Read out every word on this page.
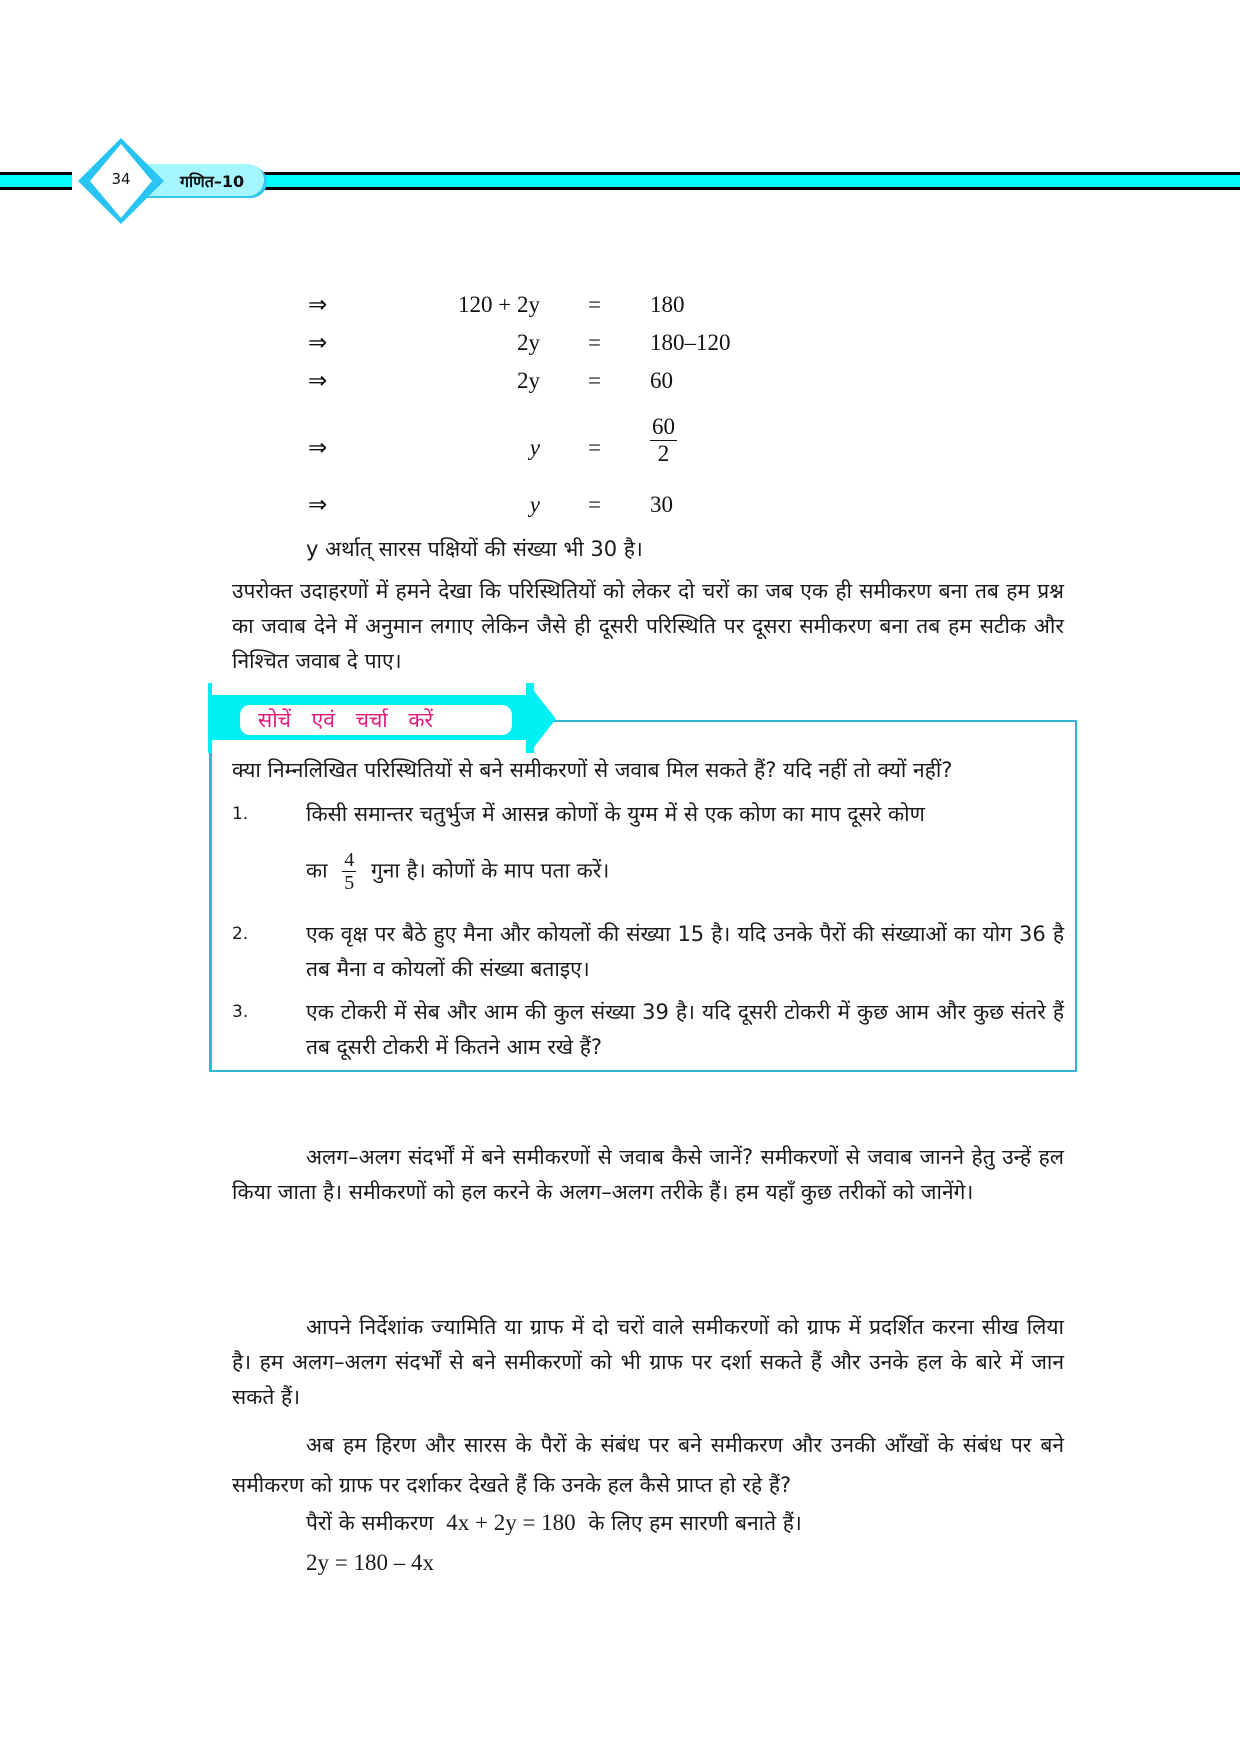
34	गणित–10
⇒	120 + 2y = 180
⇒	2y = 180–120
⇒	2y = 60
⇒	$y = \frac{60}{2}$
⇒	y = 30
y अर्थात् सारस पक्षियों की संख्या भी 30 है।
उपरोक्त उदाहरणों में हमने देखा कि परिस्थितियों को लेकर दो चरों का जब एक ही समीकरण बना तब हम प्रश्न का जवाब देने में अनुमान लगाए लेकिन जैसे ही दूसरी परिस्थिति पर दूसरा समीकरण बना तब हम सटीक और निश्चित जवाब दे पाए।
सोचें एवं चर्चा करें
क्या निम्नलिखित परिस्थितियों से बने समीकरणों से जवाब मिल सकते हैं? यदि नहीं तो क्यों नहीं?
1.	किसी समान्तर चतुर्भुज में आसन्न कोणों के युग्म में से एक कोण का माप दूसरे कोण
का $\frac{4}{5}$ गुना है। कोणों के माप पता करें।
2.	एक वृक्ष पर बैठे हुए मैना और कोयलों की संख्या 15 है। यदि उनके पैरों की संख्याओं का योग 36 है तब मैना व कोयलों की संख्या बताइए।
3.	एक टोकरी में सेब और आम की कुल संख्या 39 है। यदि दूसरी टोकरी में कुछ आम और कुछ संतरे हैं तब दूसरी टोकरी में कितने आम रखे हैं?
अलग–अलग संदर्भों में बने समीकरणों से जवाब कैसे जानें? समीकरणों से जवाब जानने हेतु उन्हें हल किया जाता है। समीकरणों को हल करने के अलग–अलग तरीके हैं। हम यहाँ कुछ तरीकों को जानेंगे।
आपने निर्देशांक ज्यामिति या ग्राफ में दो चरों वाले समीकरणों को ग्राफ में प्रदर्शित करना सीख लिया है। हम अलग–अलग संदर्भों से बने समीकरणों को भी ग्राफ पर दर्शा सकते हैं और उनके हल के बारे में जान सकते हैं।
अब हम हिरण और सारस के पैरों के संबंध पर बने समीकरण और उनकी आँखों के संबंध पर बने समीकरण को ग्राफ पर दर्शाकर देखते हैं कि उनके हल कैसे प्राप्त हो रहे हैं?
पैरों के समीकरण 4x + 2y = 180 के लिए हम सारणी बनाते हैं।
2y = 180 – 4x
